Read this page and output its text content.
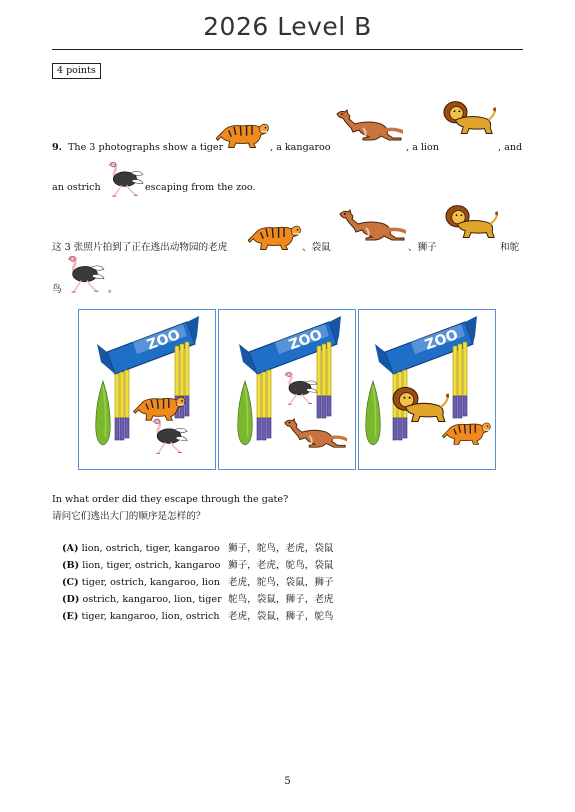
2026 Level B
4 points
9. The 3 photographs show a tiger	, a kangaroo	, a lion	, and
an ostrich	escaping from the zoo.
这 3 张照片拍到了正在逃出动物园的老虎	、袋鼠	、狮子	和鸵
鸟	。
ZOO	ZOO	ZOO
In what order did they escape through the gate?
请问它们逃出大门的顺序是怎样的？
(A) lion, ostrich, tiger, kangaroo 狮子，鸵鸟，老虎，袋鼠
(B) lion, tiger, ostrich, kangaroo 狮子，老虎，鸵鸟，袋鼠
(C) tiger, ostrich, kangaroo, lion 老虎，鸵鸟，袋鼠，狮子
(D) ostrich, kangaroo, lion, tiger 鸵鸟，袋鼠，狮子，老虎
(E) tiger, kangaroo, lion, ostrich 老虎，袋鼠，狮子，鸵鸟
5
